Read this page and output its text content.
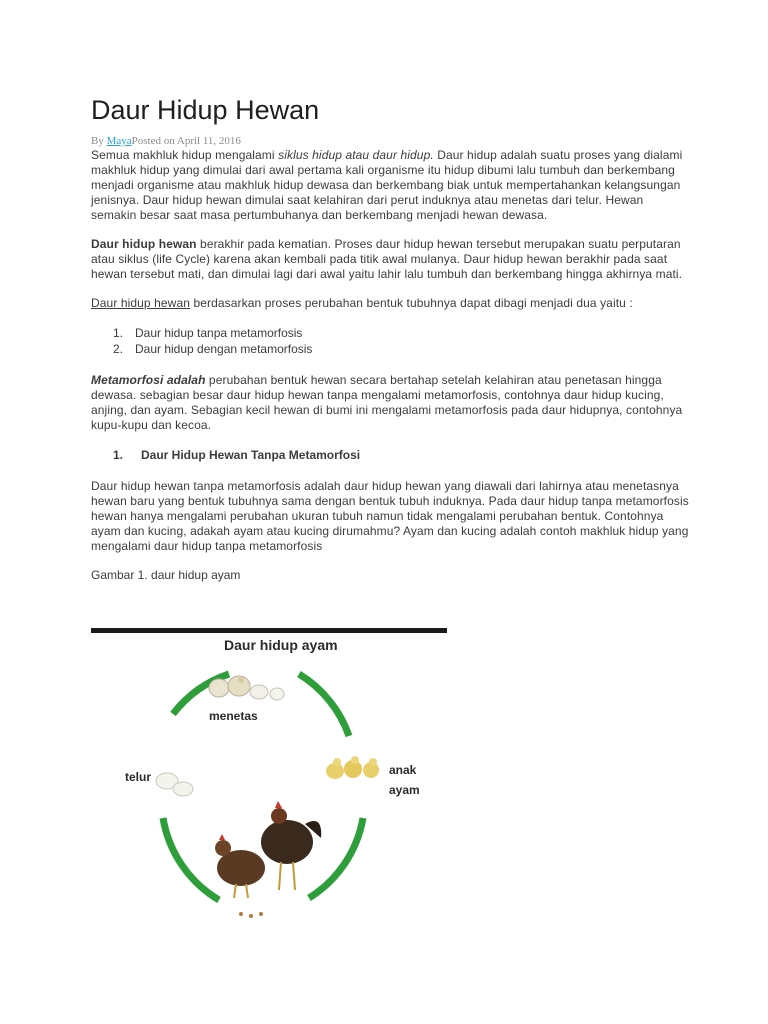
Daur Hidup Hewan
By MayaPosted on April 11, 2016

Semua makhluk hidup mengalami siklus hidup atau daur hidup. Daur hidup adalah suatu proses yang dialami makhluk hidup yang dimulai dari awal pertama kali organisme itu hidup dibumi lalu tumbuh dan berkembang menjadi organisme atau makhluk hidup dewasa dan berkembang biak untuk mempertahankan kelangsungan jenisnya. Daur hidup hewan dimulai saat kelahiran dari perut induknya atau menetas dari telur. Hewan semakin besar saat masa pertumbuhanya dan berkembang menjadi hewan dewasa.

Daur hidup hewan berakhir pada kematian. Proses daur hidup hewan tersebut merupakan suatu perputaran atau siklus (life Cycle) karena akan kembali pada titik awal mulanya. Daur hidup hewan berakhir pada saat hewan tersebut mati, dan dimulai lagi dari awal yaitu lahir lalu tumbuh dan berkembang hingga akhirnya mati.

Daur hidup hewan berdasarkan proses perubahan bentuk tubuhnya dapat dibagi menjadi dua yaitu :

1. Daur hidup tanpa metamorfosis
2. Daur hidup dengan metamorfosis

Metamorfosi adalah perubahan bentuk hewan secara bertahap setelah kelahiran atau penetasan hingga dewasa. sebagian besar daur hidup hewan tanpa mengalami metamorfosis, contohnya daur hidup kucing, anjing, dan ayam. Sebagian kecil hewan di bumi ini mengalami metamorfosis pada daur hidupnya, contohnya kupu-kupu dan kecoa.

1. Daur Hidup Hewan Tanpa Metamorfosi

Daur hidup hewan tanpa metamorfosis adalah daur hidup hewan yang diawali dari lahirnya atau menetasnya hewan baru yang bentuk tubuhnya sama dengan bentuk tubuh induknya. Pada daur hidup tanpa metamorfosis hewan hanya mengalami perubahan ukuran tubuh namun tidak mengalami perubahan bentuk. Contohnya ayam dan kucing, adakah ayam atau kucing dirumahmu? Ayam dan kucing adalah contoh makhluk hidup yang mengalami daur hidup tanpa metamorfosis

Gambar 1. daur hidup ayam
Daur hidup ayam
telur
menetas
anak
ayam
